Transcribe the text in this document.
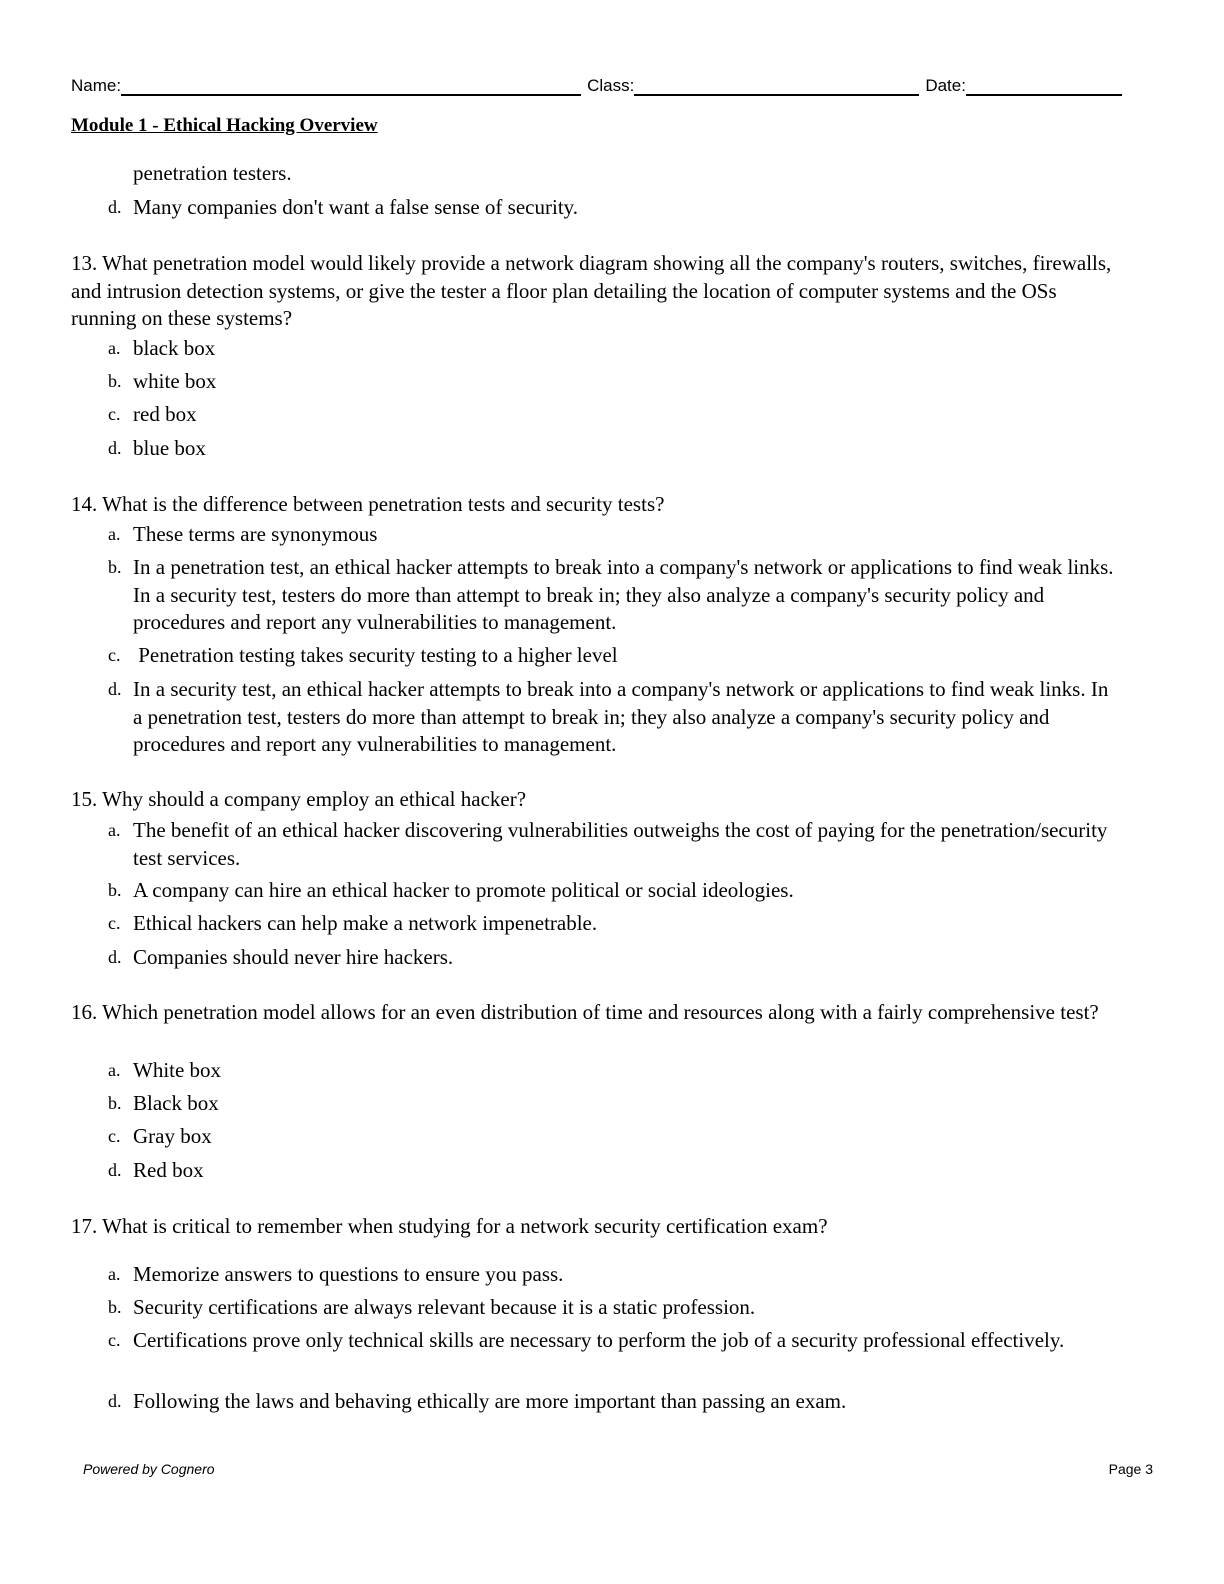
Name:	Class:	Date:
Module 1 - Ethical Hacking Overview
penetration testers.
d. Many companies don't want a false sense of security.
13. What penetration model would likely provide a network diagram showing all the company's routers, switches, firewalls, and intrusion detection systems, or give the tester a floor plan detailing the location of computer systems and the OSs running on these systems?
a. black box
b. white box
c. red box
d. blue box
14. What is the difference between penetration tests and security tests?
a. These terms are synonymous
b. In a penetration test, an ethical hacker attempts to break into a company's network or applications to find weak links. In a security test, testers do more than attempt to break in; they also analyze a company's security policy and procedures and report any vulnerabilities to management.
c. Penetration testing takes security testing to a higher level
d. In a security test, an ethical hacker attempts to break into a company's network or applications to find weak links. In a penetration test, testers do more than attempt to break in; they also analyze a company's security policy and procedures and report any vulnerabilities to management.
15. Why should a company employ an ethical hacker?
a. The benefit of an ethical hacker discovering vulnerabilities outweighs the cost of paying for the penetration/security test services.
b. A company can hire an ethical hacker to promote political or social ideologies.
c. Ethical hackers can help make a network impenetrable.
d. Companies should never hire hackers.
16. Which penetration model allows for an even distribution of time and resources along with a fairly comprehensive test?
a. White box
b. Black box
c. Gray box
d. Red box
17. What is critical to remember when studying for a network security certification exam?
a. Memorize answers to questions to ensure you pass.
b. Security certifications are always relevant because it is a static profession.
c. Certifications prove only technical skills are necessary to perform the job of a security professional effectively.
d. Following the laws and behaving ethically are more important than passing an exam.
Powered by Cognero	Page 3
